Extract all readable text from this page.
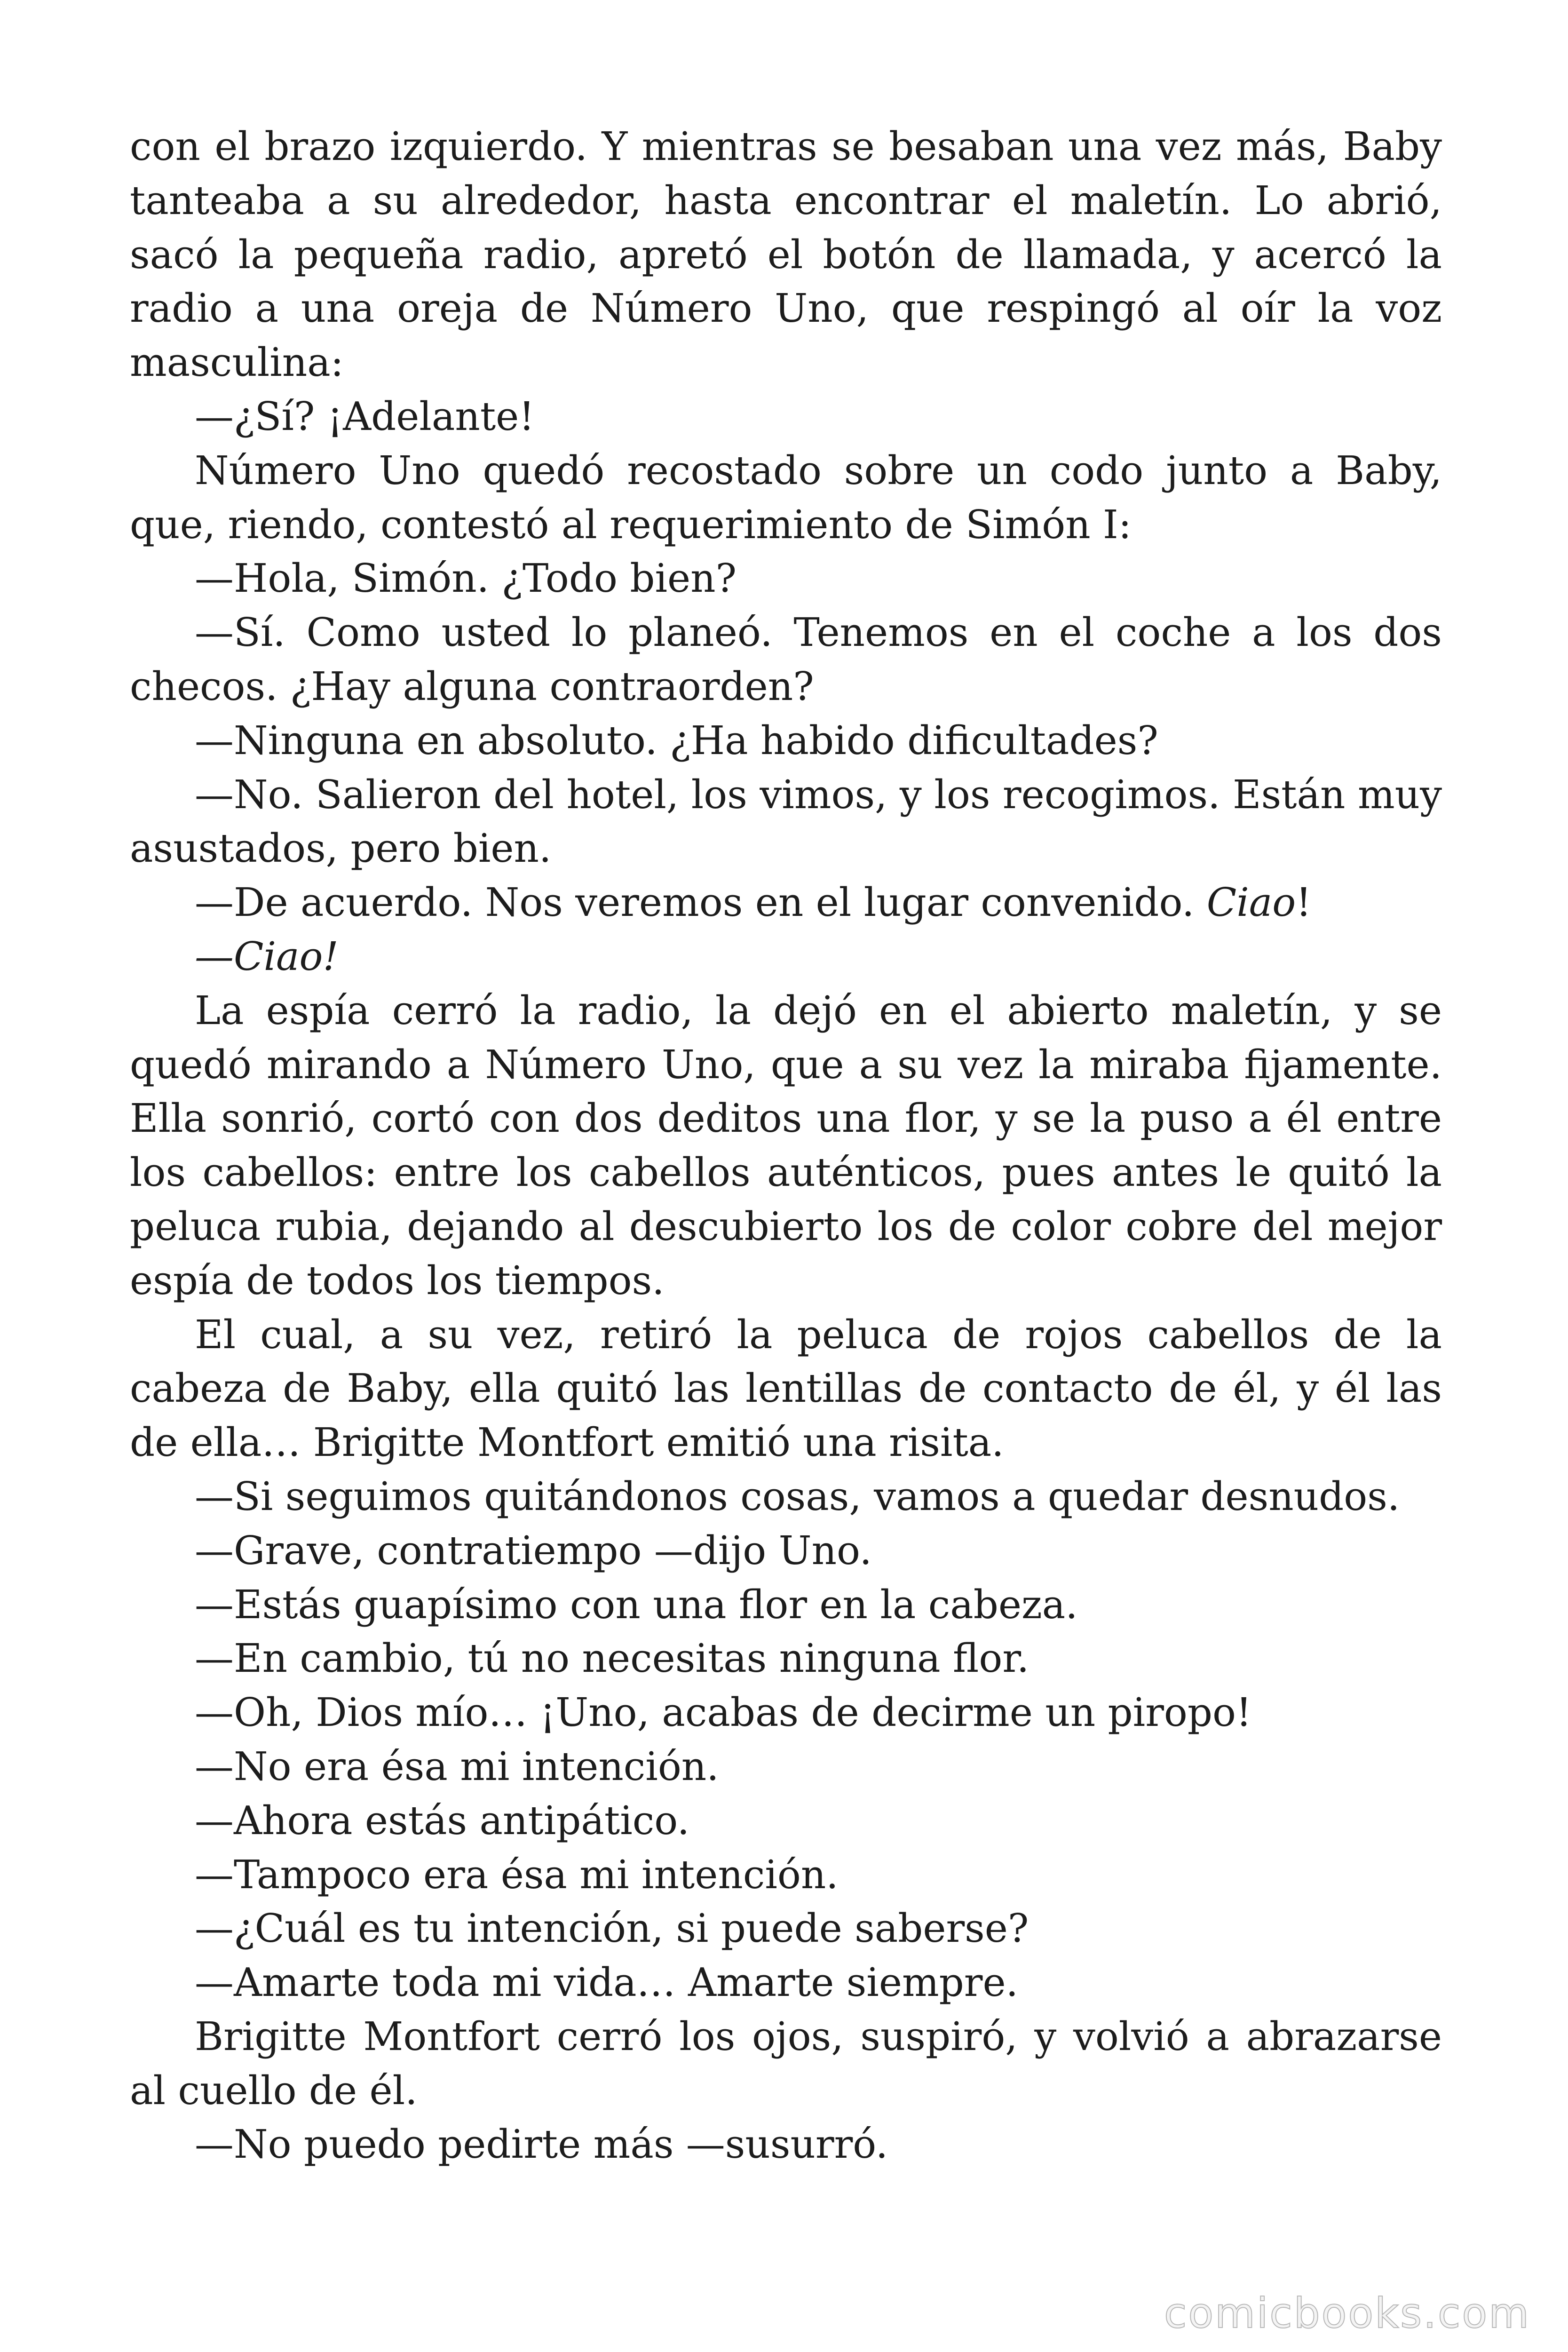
con el brazo izquierdo. Y mientras se besaban una vez más, Baby tanteaba a su alrededor, hasta encontrar el maletín. Lo abrió, sacó la pequeña radio, apretó el botón de llamada, y acercó la radio a una oreja de Número Uno, que respingó al oír la voz masculina:

—¿Sí? ¡Adelante!

Número Uno quedó recostado sobre un codo junto a Baby, que, riendo, contestó al requerimiento de Simón I:

—Hola, Simón. ¿Todo bien?

—Sí. Como usted lo planeó. Tenemos en el coche a los dos checos. ¿Hay alguna contraorden?

—Ninguna en absoluto. ¿Ha habido dificultades?

—No. Salieron del hotel, los vimos, y los recogimos. Están muy asustados, pero bien.

—De acuerdo. Nos veremos en el lugar convenido. Ciao!

—Ciao!

La espía cerró la radio, la dejó en el abierto maletín, y se quedó mirando a Número Uno, que a su vez la miraba fijamente. Ella sonrió, cortó con dos deditos una flor, y se la puso a él entre los cabellos: entre los cabellos auténticos, pues antes le quitó la peluca rubia, dejando al descubierto los de color cobre del mejor espía de todos los tiempos.

El cual, a su vez, retiró la peluca de rojos cabellos de la cabeza de Baby, ella quitó las lentillas de contacto de él, y él las de ella… Brigitte Montfort emitió una risita.

—Si seguimos quitándonos cosas, vamos a quedar desnudos.

—Grave, contratiempo —dijo Uno.

—Estás guapísimo con una flor en la cabeza.

—En cambio, tú no necesitas ninguna flor.

—Oh, Dios mío… ¡Uno, acabas de decirme un piropo!

—No era ésa mi intención.

—Ahora estás antipático.

—Tampoco era ésa mi intención.

—¿Cuál es tu intención, si puede saberse?

—Amarte toda mi vida… Amarte siempre.

Brigitte Montfort cerró los ojos, suspiró, y volvió a abrazarse al cuello de él.

—No puedo pedirte más —susurró.

comicbooks.com
